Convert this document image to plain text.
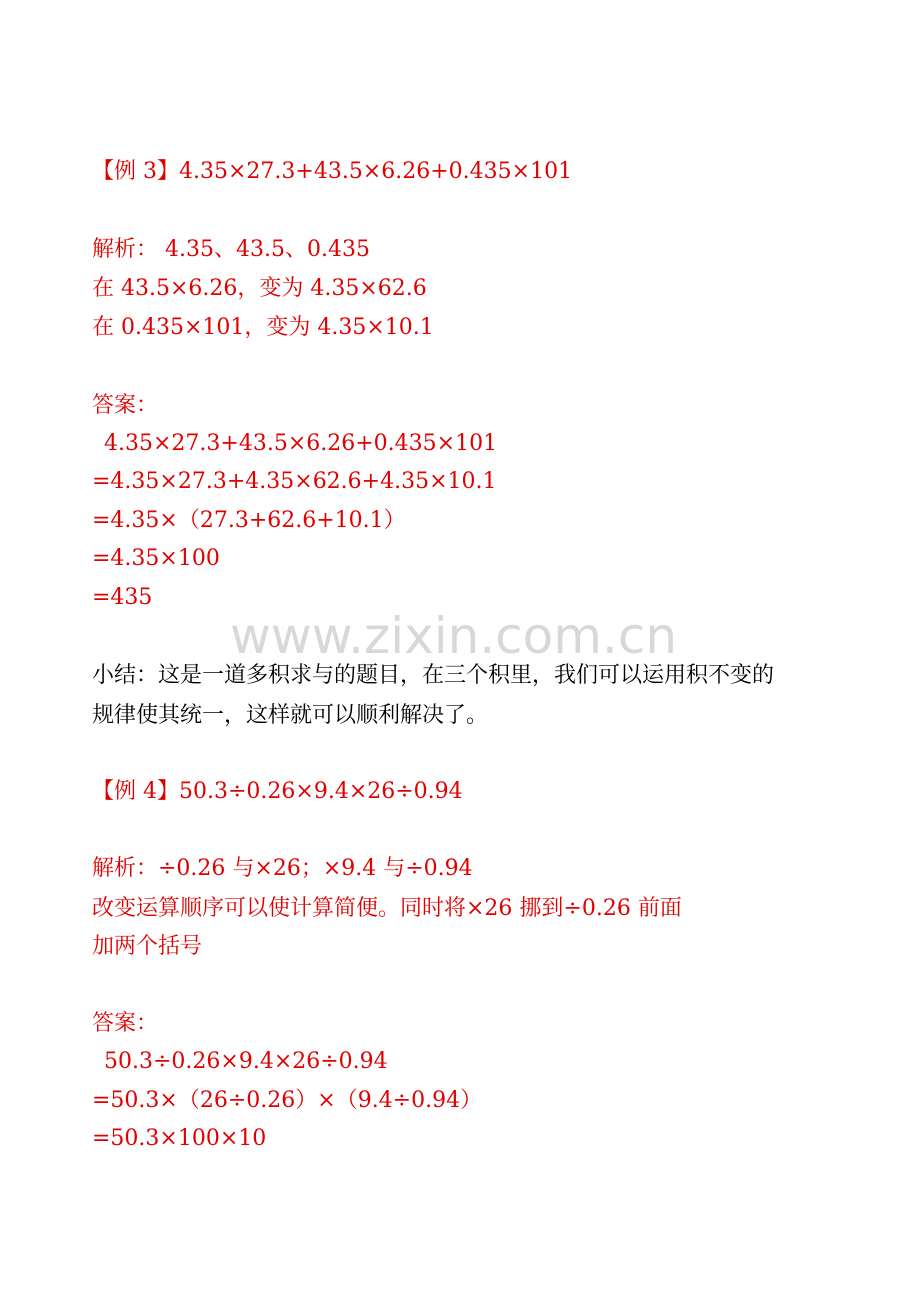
【例 3】4.35×27.3+43.5×6.26+0.435×101
解析： 4.35、43.5、0.435
在 43.5×6.26，变为 4.35×62.6
在 0.435×101，变为 4.35×10.1
答案：
4.35×27.3+43.5×6.26+0.435×101
=4.35×27.3+4.35×62.6+4.35×10.1
=4.35×（27.3+62.6+10.1）
=4.35×100
=435
www.zixin.com.cn
小结：这是一道多积求与的题目，在三个积里，我们可以运用积不变的
规律使其统一，这样就可以顺利解决了。
【例 4】50.3÷0.26×9.4×26÷0.94
解析：÷0.26 与×26；×9.4 与÷0.94
改变运算顺序可以使计算简便。同时将×26 挪到÷0.26 前面
加两个括号
答案：
50.3÷0.26×9.4×26÷0.94
=50.3×（26÷0.26）×（9.4÷0.94）
=50.3×100×10
